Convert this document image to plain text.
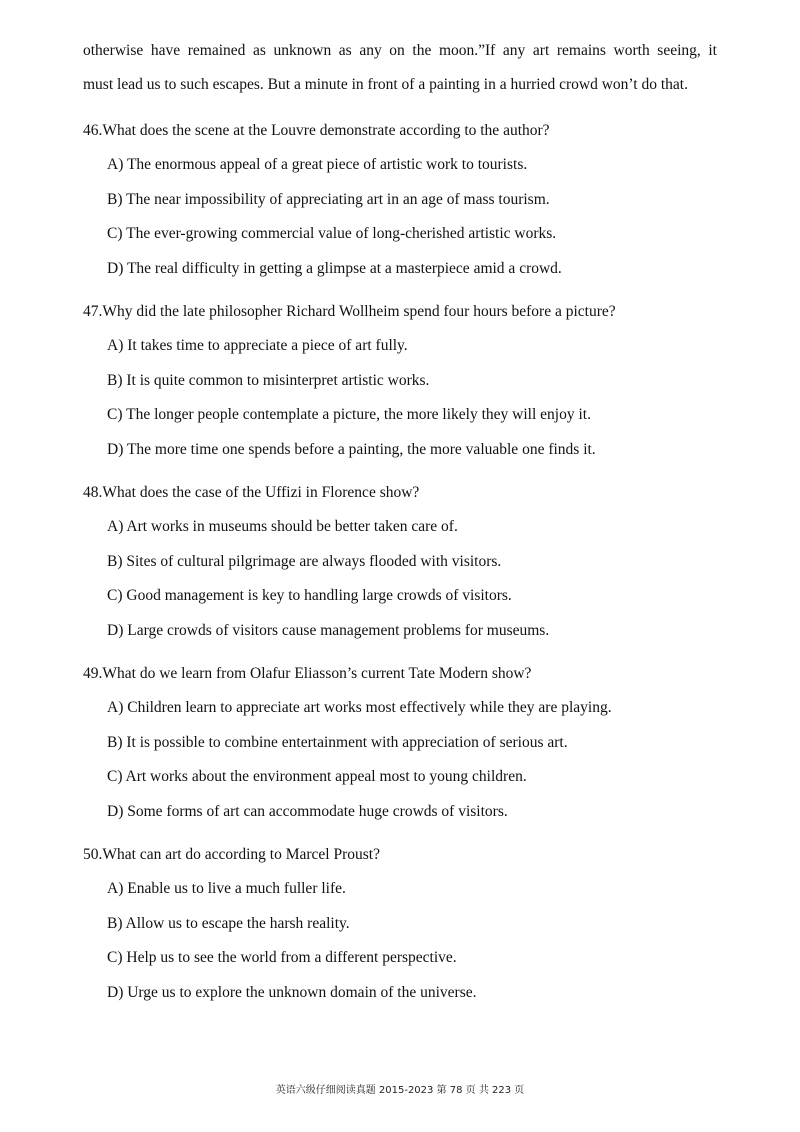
otherwise have remained as unknown as any on the moon.”If any art remains worth seeing, it

must lead us to such escapes. But a minute in front of a painting in a hurried crowd won’t do that.

46.What does the scene at the Louvre demonstrate according to the author?
A) The enormous appeal of a great piece of artistic work to tourists.
B) The near impossibility of appreciating art in an age of mass tourism.
C) The ever-growing commercial value of long-cherished artistic works.
D) The real difficulty in getting a glimpse at a masterpiece amid a crowd.
47.Why did the late philosopher Richard Wollheim spend four hours before a picture?
A) It takes time to appreciate a piece of art fully.
B) It is quite common to misinterpret artistic works.
C) The longer people contemplate a picture, the more likely they will enjoy it.
D) The more time one spends before a painting, the more valuable one finds it.
48.What does the case of the Uffizi in Florence show?
A) Art works in museums should be better taken care of.
B) Sites of cultural pilgrimage are always flooded with visitors.
C) Good management is key to handling large crowds of visitors.
D) Large crowds of visitors cause management problems for museums.
49.What do we learn from Olafur Eliasson’s current Tate Modern show?
A) Children learn to appreciate art works most effectively while they are playing.
B) It is possible to combine entertainment with appreciation of serious art.
C) Art works about the environment appeal most to young children.
D) Some forms of art can accommodate huge crowds of visitors.
50.What can art do according to Marcel Proust?
A) Enable us to live a much fuller life.
B) Allow us to escape the harsh reality.
C) Help us to see the world from a different perspective.
D) Urge us to explore the unknown domain of the universe.
英语六级仔细阅读真题 2015-2023 第 78 页 共 223 页
